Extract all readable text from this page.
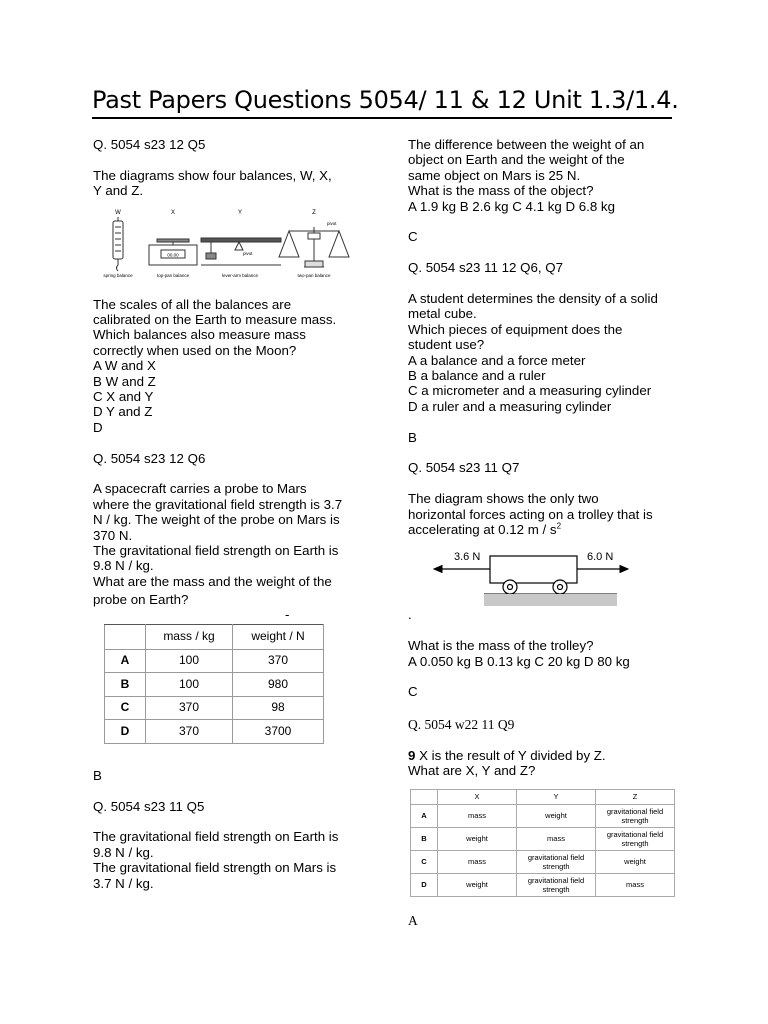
Past Papers Questions 5054/ 11 & 12 Unit 1.3/1.4.
Q. 5054 s23 12 Q5
The diagrams show four balances, W, X,
Y and Z.
W	X	Y	Z
00.00	pivot
pivot
spring balance	top-pan balance	lever-arm balance	two-pan balance
The scales of all the balances are
calibrated on the Earth to measure mass.
Which balances also measure mass
correctly when used on the Moon?
A W and X
B W and Z
C X and Y
D Y and Z
D
Q. 5054 s23 12 Q6
A spacecraft carries a probe to Mars
where the gravitational field strength is 3.7
N / kg. The weight of the probe on Mars is
370 N.
The gravitational field strength on Earth is
9.8 N / kg.
What are the mass and the weight of the
probe on Earth?
-
	mass / kg	weight / N
A	100	370
B	100	980
C	370	98
D	370	3700
B
Q. 5054 s23 11 Q5
The gravitational field strength on Earth is
9.8 N / kg.
The gravitational field strength on Mars is
3.7 N / kg.
The difference between the weight of an
object on Earth and the weight of the
same object on Mars is 25 N.
What is the mass of the object?
A 1.9 kg B 2.6 kg C 4.1 kg D 6.8 kg
C
Q. 5054 s23 11 12 Q6, Q7
A student determines the density of a solid
metal cube.
Which pieces of equipment does the
student use?
A a balance and a force meter
B a balance and a ruler
C a micrometer and a measuring cylinder
D a ruler and a measuring cylinder
B
Q. 5054 s23 11 Q7
The diagram shows the only two
horizontal forces acting on a trolley that is
accelerating at 0.12 m / $s^2$
3.6 N	6.0 N
.
What is the mass of the trolley?
A 0.050 kg B 0.13 kg C 20 kg D 80 kg
C
Q. 5054 w22 11 Q9
9 X is the result of Y divided by Z.
What are X, Y and Z?
	X	Y	Z
A	mass	weight	gravitational field strength
B	weight	mass	gravitational field strength
C	mass	gravitational field strength	weight
D	weight	gravitational field strength	mass
A
